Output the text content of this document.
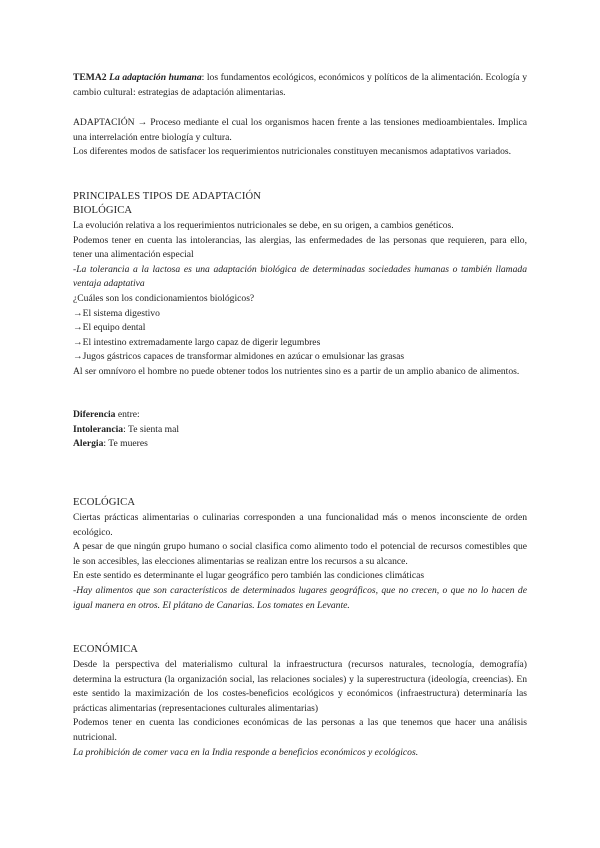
TEMA2 La adaptación humana: los fundamentos ecológicos, económicos y políticos de la alimentación. Ecología y cambio cultural: estrategias de adaptación alimentarias.

ADAPTACIÓN → Proceso mediante el cual los organismos hacen frente a las tensiones medioambientales. Implica una interrelación entre biología y cultura.

Los diferentes modos de satisfacer los requerimientos nutricionales constituyen mecanismos adaptativos variados.

PRINCIPALES TIPOS DE ADAPTACIÓN
BIOLÓGICA

La evolución relativa a los requerimientos nutricionales se debe, en su origen, a cambios genéticos.

Podemos tener en cuenta las intolerancias, las alergias, las enfermedades de las personas que requieren, para ello, tener una alimentación especial

-La tolerancia a la lactosa es una adaptación biológica de determinadas sociedades humanas o también llamada ventaja adaptativa

¿Cuáles son los condicionamientos biológicos?

→El sistema digestivo
→El equipo dental
→El intestino extremadamente largo capaz de digerir legumbres
→Jugos gástricos capaces de transformar almidones en azúcar o emulsionar las grasas

Al ser omnívoro el hombre no puede obtener todos los nutrientes sino es a partir de un amplio abanico de alimentos.

Diferencia entre:

Intolerancia: Te sienta mal

Alergia: Te mueres

ECOLÓGICA

Ciertas prácticas alimentarias o culinarias corresponden a una funcionalidad más o menos inconsciente de orden ecológico.

A pesar de que ningún grupo humano o social clasifica como alimento todo el potencial de recursos comestibles que le son accesibles, las elecciones alimentarias se realizan entre los recursos a su alcance.

En este sentido es determinante el lugar geográfico pero también las condiciones climáticas

-Hay alimentos que son característicos de determinados lugares geográficos, que no crecen, o que no lo hacen de igual manera en otros. El plátano de Canarias. Los tomates en Levante.

ECONÓMICA

Desde la perspectiva del materialismo cultural la infraestructura (recursos naturales, tecnología, demografía) determina la estructura (la organización social, las relaciones sociales) y la superestructura (ideología, creencias). En este sentido la maximización de los costes-beneficios ecológicos y económicos (infraestructura) determinaría las prácticas alimentarias (representaciones culturales alimentarias)

Podemos tener en cuenta las condiciones económicas de las personas a las que tenemos que hacer una análisis nutricional.

La prohibición de comer vaca en la India responde a beneficios económicos y ecológicos.
